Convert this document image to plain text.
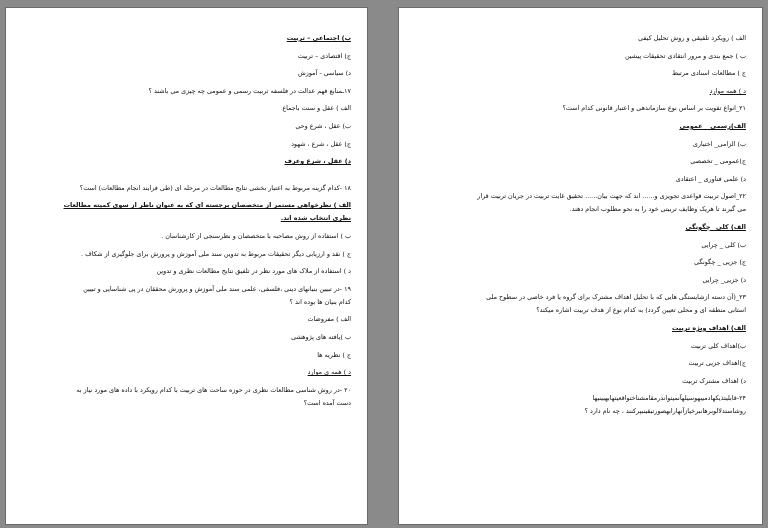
ب) اجتماعی – تربیت
ج) اقتصادی – تربیت
د) سیاسی - آموزش
۱۷ـمنابع فهم عدالت در فلسفه تربیت رسمی و عمومی چه چیزی می باشند ؟
الف ) عقل و سنت باجماع
ب) عقل ، شرع وحی
ج) عقل ، شرع ، شهود
د) عقل ، شرع وعرف
۱۸ -کدام گزینه مربوط به اعتبار بخشی نتایج مطالعات در مرحله ای (طی فرایند انجام مطالعات) است؟
الف ) نظرخواهی مستمر از متخصصان برجسته ای که به عنوان ناظر از سوی کمیته مطالعات
نظری انتخاب شده اند.
ب ) استفاده از روش مصاحبه با متخصصان و نظرسنجی از کارشناسان .
ج ) نقد و ارزیابی دیگر تحقیقات مربوط به تدوین سند ملی آموزش و پرورش برای جلوگیری از شکاف .
د ) استفاده از ملاک های مورد نظر در تلفیق نتایج مطالعات نظری و تدوین
۱۹ -در تبیین بنیانهای دینی ،فلسفی، علمی سند ملی آموزش و پرورش محققان در پی شناسایی و تبیین
کدام بنیان ها بوده اند ؟
الف ) مفروضات
ب )یافته های پژوهشی
ج ) نظریه ها
د ) همه ی موارد
۲۰ -در روش شناسی مطالعات نظری در حوزه ساحت های تربیت با کدام رویکرد با داده های مورد نیاز به
دست آمده است؟
الف ) رویکرد تلفیقی و روش تحلیل کیفی
ب ) جمع بندی و مرور انتقادی تحقیقات پیشین
ج ) مطالعات اسنادی مرتبط
د ) همه موارد
۲۱_انواع تقویت بر اساس نوع سازماندهی و اعتبار قانونی کدام است؟
الف)رسمی _ عمومی
ب) الزامی_ اختیاری
ج)عمومی _ تخصصی
د) علمی فناوری _ اعتقادی
۲۲_اصول تربیت قواعدی تجویزی و...... اند که جهت بیان...... تحقیق غایت تربیت در جریان تربیت قرار
می گیرند تا هریک وظایف تربیتی خود را به نحو مطلوب انجام دهند.
الف) کلی_ چگونگی
ب) کلی _ چرایی
ج) جزیی _ چگونگی
د) جزیی_ چرایی
۲۳_(آن دسته ازشایستگی هایی که با تحلیل اهداف مشترک برای گروه یا فرد خاصی در سطوح ملی
استانی منطقه ای و محلی تعیین گردد) به کدام نوع از هدف تربیت اشاره میکند؟
الف) اهداف ویژه تربیت
ب)اهداف کلی تربیت
ج)اهداف جزیی تربیت
د) اهداف مشترک تربیت
۲۴-قابلیتذیکهادمیبهوسیلهآنمیتواندرمقامشناختواقعیتهابهبینیها
روشاستدلالوبرهانبرخیازآنهارابهصورتیقینبپرکنند ، چه نام دارد ؟
